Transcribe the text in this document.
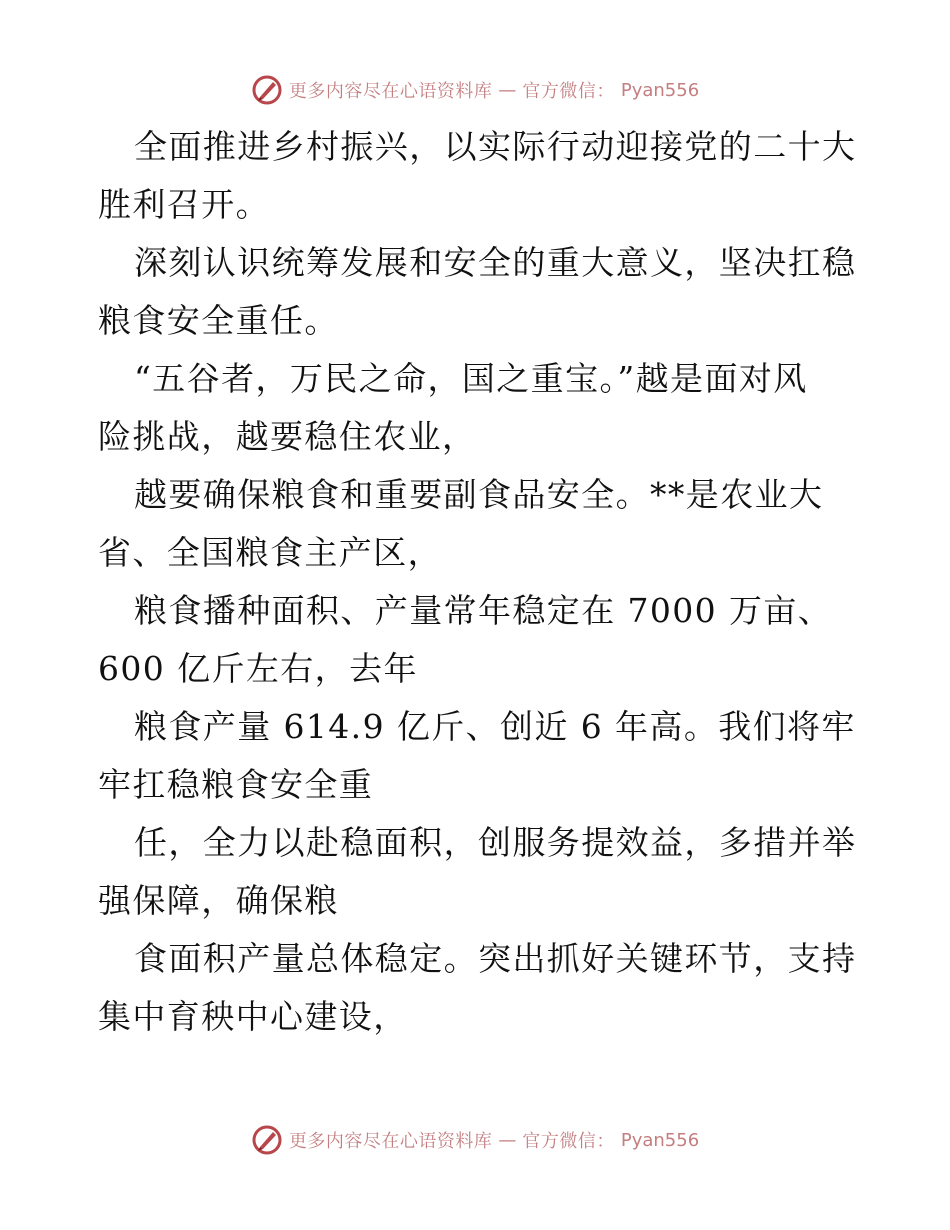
更多内容尽在心语资料库 — 官方微信： Pyan556

全面推进乡村振兴，以实际行动迎接党的二十大
胜利召开。

深刻认识统筹发展和安全的重大意义，坚决扛稳
粮食安全重任。

“五谷者，万民之命，国之重宝。”越是面对风
险挑战，越要稳住农业，

越要确保粮食和重要副食品安全。**是农业大
省、全国粮食主产区，

粮食播种面积、产量常年稳定在 7000 万亩、
600 亿斤左右，去年

粮食产量 614.9 亿斤、创近 6 年高。我们将牢
牢扛稳粮食安全重

任，全力以赴稳面积，创服务提效益，多措并举
强保障，确保粮

食面积产量总体稳定。突出抓好关键环节，支持
集中育秧中心建设，

更多内容尽在心语资料库 — 官方微信： Pyan556
